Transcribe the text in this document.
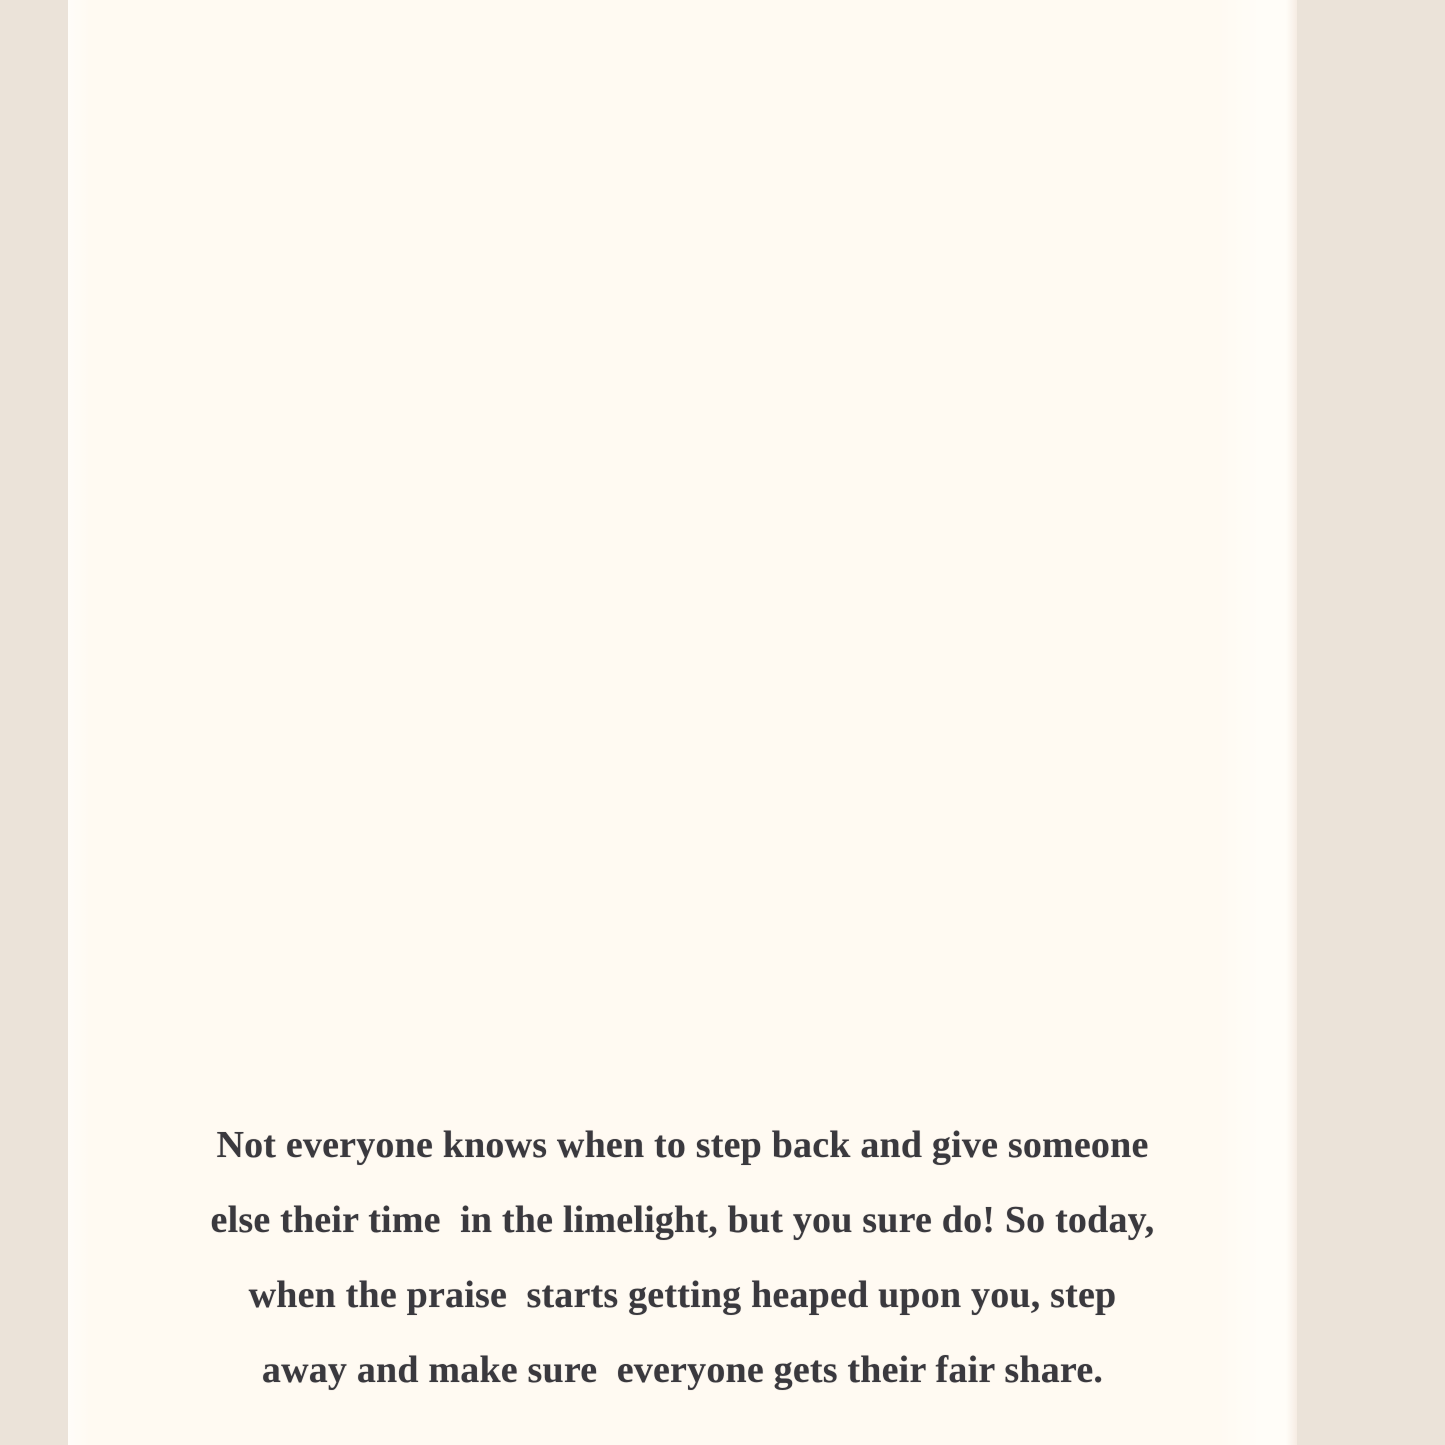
Not everyone knows when to step back and give someone

else their time  in the limelight, but you sure do! So today,

when the praise  starts getting heaped upon you, step

away and make sure  everyone gets their fair share.
